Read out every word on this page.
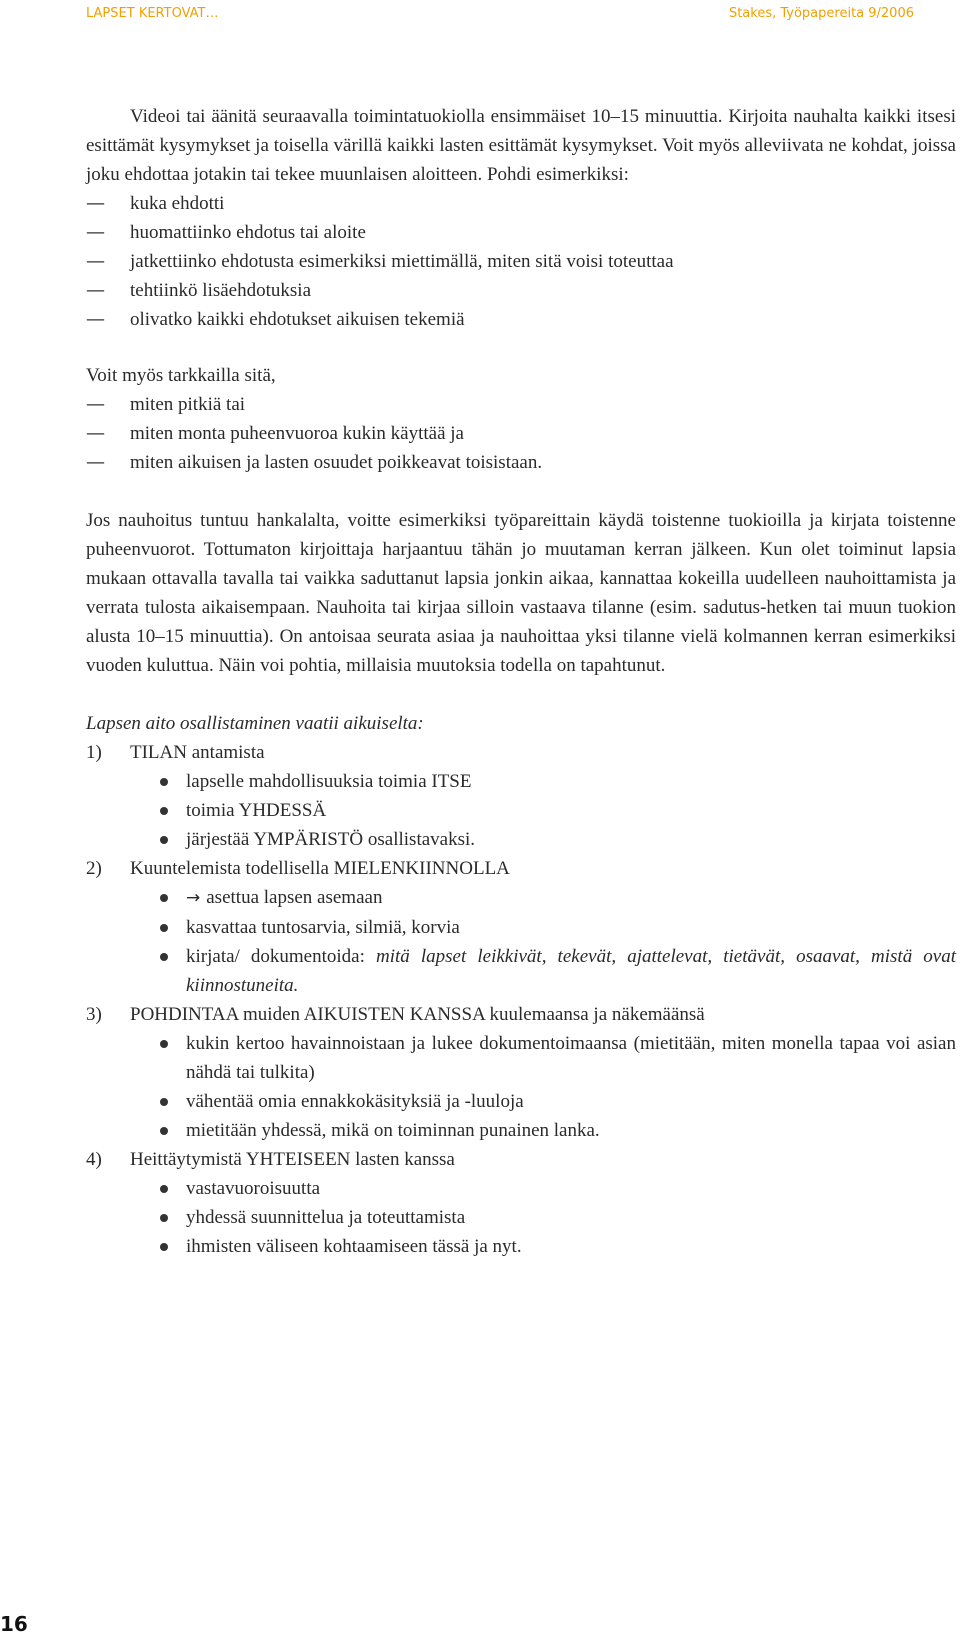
LAPSET KERTOVAT…	Stakes, Työpapereita 9/2006

Videoi tai äänitä seuraavalla toimintatuokiolla ensimmäiset 10–15 minuuttia. Kirjoita nauhalta kaikki itsesi esittämät kysymykset ja toisella värillä kaikki lasten esittämät kysymykset. Voit myös alleviivata ne kohdat, joissa joku ehdottaa jotakin tai tekee muunlaisen aloitteen. Pohdi esimerkiksi:

— kuka ehdotti
— huomattiinko ehdotus tai aloite
— jatkettiinko ehdotusta esimerkiksi miettimällä, miten sitä voisi toteuttaa
— tehtiinkö lisäehdotuksia
— olivatko kaikki ehdotukset aikuisen tekemiä

Voit myös tarkkailla sitä,

— miten pitkiä tai
— miten monta puheenvuoroa kukin käyttää ja
— miten aikuisen ja lasten osuudet poikkeavat toisistaan.

Jos nauhoitus tuntuu hankalalta, voitte esimerkiksi työpareittain käydä toistenne tuokioilla ja kirjata toistenne puheenvuorot. Tottumaton kirjoittaja harjaantuu tähän jo muutaman kerran jälkeen. Kun olet toiminut lapsia mukaan ottavalla tavalla tai vaikka saduttanut lapsia jonkin aikaa, kannattaa kokeilla uudelleen nauhoittamista ja verrata tulosta aikaisempaan. Nauhoita tai kirjaa silloin vastaava tilanne (esim. sadutus-hetken tai muun tuokion alusta 10–15 minuuttia). On antoisaa seurata asiaa ja nauhoittaa yksi tilanne vielä kolmannen kerran esimerkiksi vuoden kuluttua. Näin voi pohtia, millaisia muutoksia todella on tapahtunut.

Lapsen aito osallistaminen vaatii aikuiselta:

1) TILAN antamista
lapselle mahdollisuuksia toimia ITSE
toimia YHDESSÄ
järjestää YMPÄRISTÖ osallistavaksi.
2) Kuuntelemista todellisella MIELENKIINNOLLA
→ asettua lapsen asemaan
kasvattaa tuntosarvia, silmiä, korvia
kirjata/ dokumentoida: mitä lapset leikkivät, tekevät, ajattelevat, tietävät, osaavat, mistä ovat kiinnostuneita.
3) POHDINTAA muiden AIKUISTEN KANSSA kuulemaansa ja näkemäänsä
kukin kertoo havainnoistaan ja lukee dokumentoimaansa (mietitään, miten monella tapaa voi asian nähdä tai tulkita)
vähentää omia ennakkokäsityksiä ja -luuloja
mietitään yhdessä, mikä on toiminnan punainen lanka.
4) Heittäytymistä YHTEISEEN lasten kanssa
vastavuoroisuutta
yhdessä suunnittelua ja toteuttamista
ihmisten väliseen kohtaamiseen tässä ja nyt.
16
